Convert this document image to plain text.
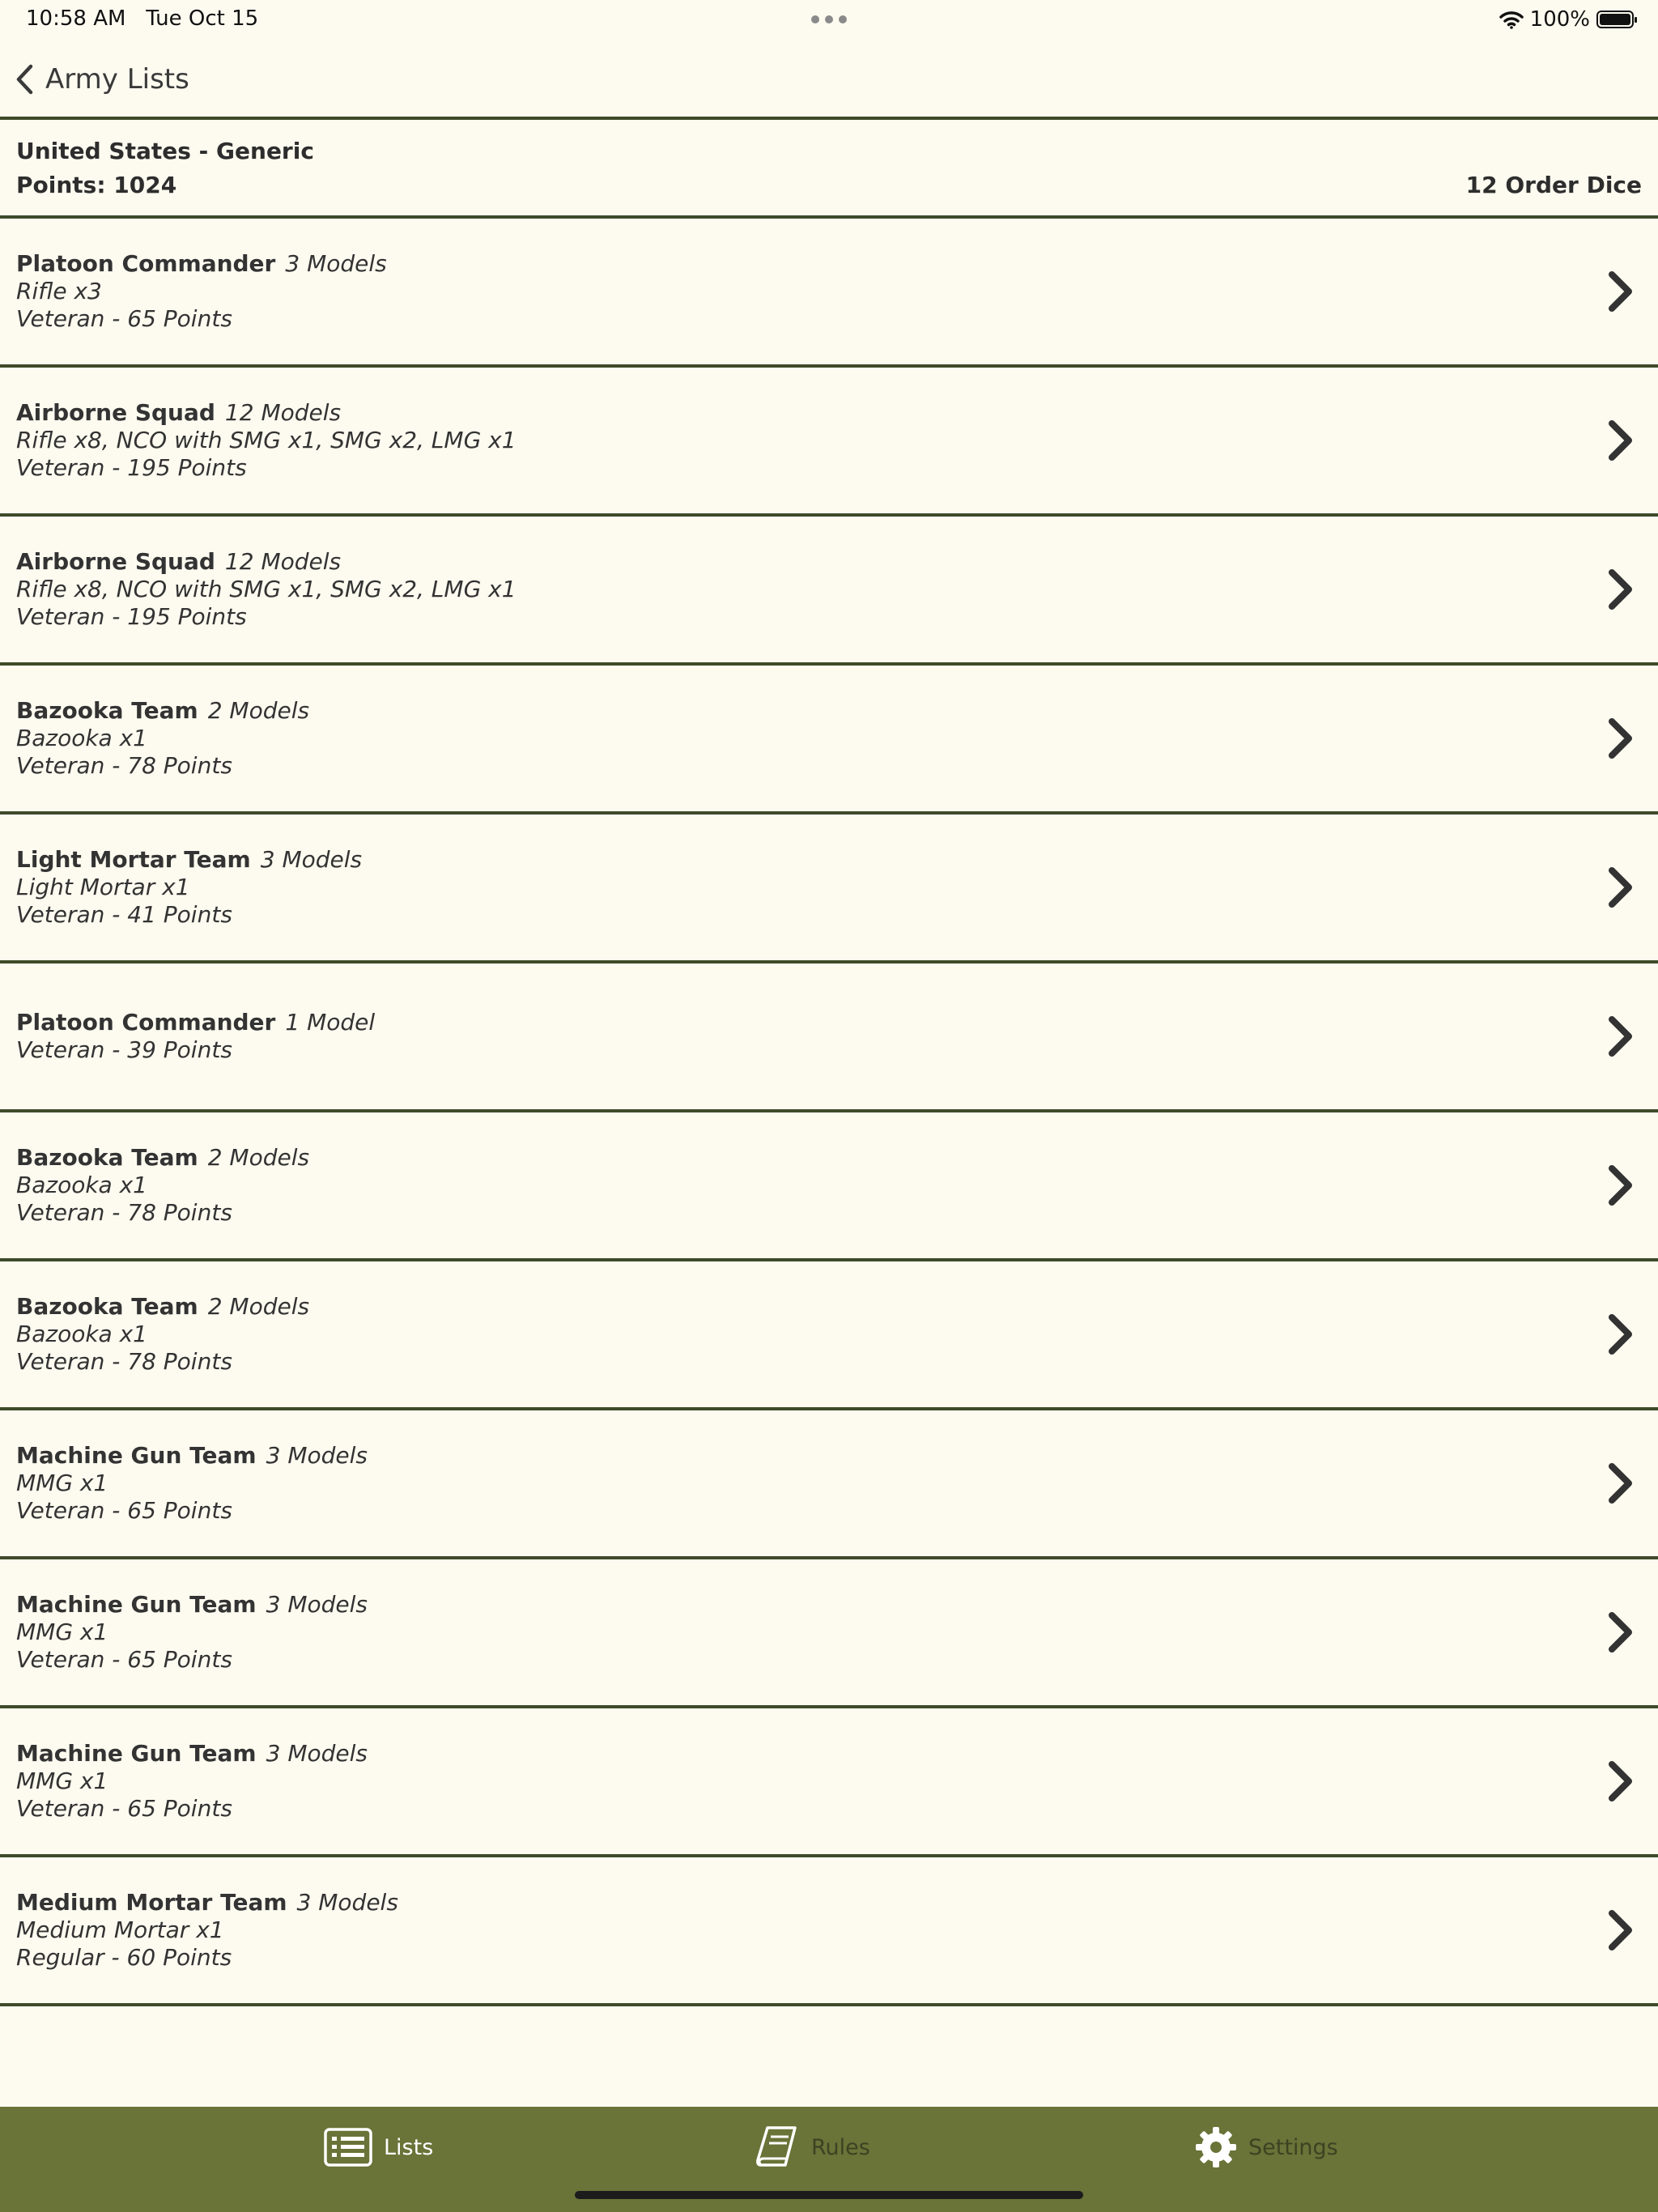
10:58 AM Tue Oct 15	100%
Army Lists
United States - Generic
Points: 1024	12 Order Dice
Platoon Commander 3 Models
Rifle x3
Veteran - 65 Points
Airborne Squad 12 Models
Rifle x8, NCO with SMG x1, SMG x2, LMG x1
Veteran - 195 Points
Airborne Squad 12 Models
Rifle x8, NCO with SMG x1, SMG x2, LMG x1
Veteran - 195 Points
Bazooka Team 2 Models
Bazooka x1
Veteran - 78 Points
Light Mortar Team 3 Models
Light Mortar x1
Veteran - 41 Points
Platoon Commander 1 Model
Veteran - 39 Points
Bazooka Team 2 Models
Bazooka x1
Veteran - 78 Points
Bazooka Team 2 Models
Bazooka x1
Veteran - 78 Points
Machine Gun Team 3 Models
MMG x1
Veteran - 65 Points
Machine Gun Team 3 Models
MMG x1
Veteran - 65 Points
Machine Gun Team 3 Models
MMG x1
Veteran - 65 Points
Medium Mortar Team 3 Models
Medium Mortar x1
Regular - 60 Points
Lists	Rules	Settings
